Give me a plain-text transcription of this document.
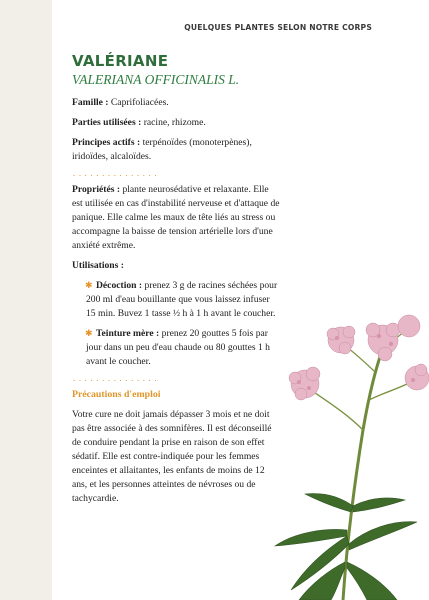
QUELQUES PLANTES SELON NOTRE CORPS
VALÉRIANE
VALERIANA OFFICINALIS L.

Famille : Caprifoliacées.

Parties utilisées : racine, rhizome.

Principes actifs : terpénoïdes (monoterpènes), iridoïdes, alcaloïdes.

...............

Propriétés : plante neurosédative et relaxante. Elle est utilisée en cas d'instabilité nerveuse et d'attaque de panique. Elle calme les maux de tête liés au stress ou accompagne la baisse de tension artérielle lors d'une anxiété extrême.

Utilisations :

✱ Décoction : prenez 3 g de racines séchées pour 200 ml d'eau bouillante que vous laissez infuser 15 min. Buvez 1 tasse ½ h à 1 h avant le coucher.

✱ Teinture mère : prenez 20 gouttes 5 fois par jour dans un peu d'eau chaude ou 80 gouttes 1 h avant le coucher.

...............
Précautions d'emploi

Votre cure ne doit jamais dépasser 3 mois et ne doit pas être associée à des somnifères. Il est déconseillé de conduire pendant la prise en raison de son effet sédatif. Elle est contre-indiquée pour les femmes enceintes et allaitantes, les enfants de moins de 12 ans, et les personnes atteintes de névroses ou de tachycardie.
